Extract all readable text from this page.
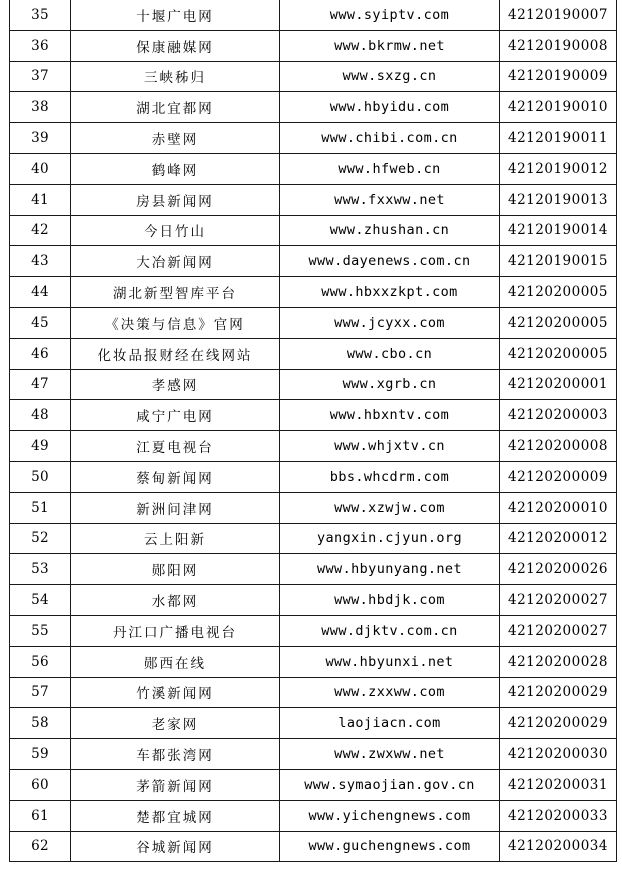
35	十堰广电网	www.syiptv.com	42120190007
36	保康融媒网	www.bkrmw.net	42120190008
37	三峡秭归	www.sxzg.cn	42120190009
38	湖北宜都网	www.hbyidu.com	42120190010
39	赤壁网	www.chibi.com.cn	42120190011
40	鹤峰网	www.hfweb.cn	42120190012
41	房县新闻网	www.fxxww.net	42120190013
42	今日竹山	www.zhushan.cn	42120190014
43	大冶新闻网	www.dayenews.com.cn	42120190015
44	湖北新型智库平台	www.hbxxzkpt.com	42120200005
45	《决策与信息》官网	www.jcyxx.com	42120200005
46	化妆品报财经在线网站	www.cbo.cn	42120200005
47	孝感网	www.xgrb.cn	42120200001
48	咸宁广电网	www.hbxntv.com	42120200003
49	江夏电视台	www.whjxtv.cn	42120200008
50	蔡甸新闻网	bbs.whcdrm.com	42120200009
51	新洲问津网	www.xzwjw.com	42120200010
52	云上阳新	yangxin.cjyun.org	42120200012
53	郧阳网	www.hbyunyang.net	42120200026
54	水都网	www.hbdjk.com	42120200027
55	丹江口广播电视台	www.djktv.com.cn	42120200027
56	郧西在线	www.hbyunxi.net	42120200028
57	竹溪新闻网	www.zxxww.com	42120200029
58	老家网	laojiacn.com	42120200029
59	车都张湾网	www.zwxww.net	42120200030
60	茅箭新闻网	www.symaojian.gov.cn	42120200031
61	楚都宜城网	www.yichengnews.com	42120200033
62	谷城新闻网	www.guchengnews.com	42120200034
